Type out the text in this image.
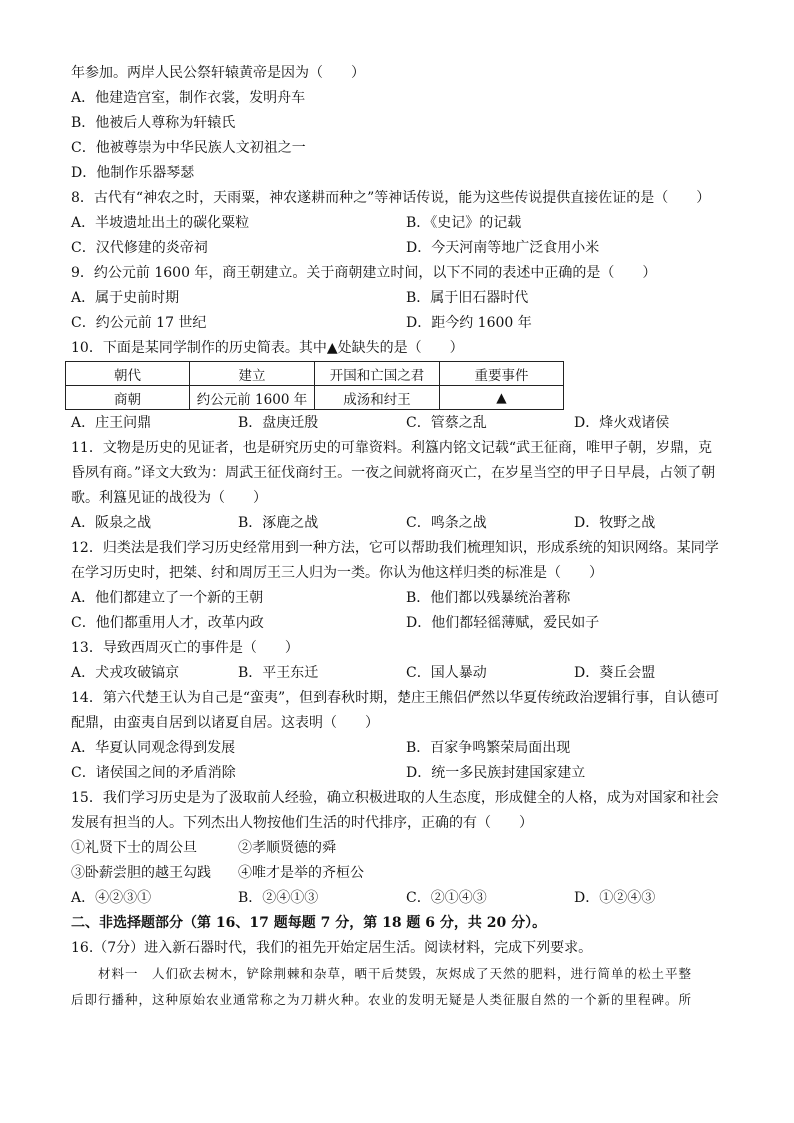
年参加。两岸人民公祭轩辕黄帝是因为（　　）
A．他建造宫室，制作衣裳，发明舟车
B．他被后人尊称为轩辕氏
C．他被尊崇为中华民族人文初祖之一
D．他制作乐器琴瑟
8．古代有“神农之时，天雨粟，神农遂耕而种之”等神话传说，能为这些传说提供直接佐证的是（　　）
A．半坡遗址出土的碳化粟粒	B．《史记》的记载
C．汉代修建的炎帝祠	D．今天河南等地广泛食用小米
9．约公元前 1600 年，商王朝建立。关于商朝建立时间，以下不同的表述中正确的是（　　）
A．属于史前时期	B．属于旧石器时代
C．约公元前 17 世纪	D．距今约 1600 年
10．下面是某同学制作的历史简表。其中▲处缺失的是（　　）
朝代	建立	开国和亡国之君	重要事件
商朝	约公元前 1600 年	成汤和纣王	▲
A．庄王问鼎	B．盘庚迁殷	C．管蔡之乱	D．烽火戏诸侯
11．文物是历史的见证者，也是研究历史的可靠资料。利簋内铭文记载“武王征商，唯甲子朝，岁鼎，克
昏夙有商。”译文大致为：周武王征伐商纣王。一夜之间就将商灭亡，在岁星当空的甲子日早晨，占领了朝
歌。利簋见证的战役为（　　）
A．阪泉之战	B．涿鹿之战	C．鸣条之战	D．牧野之战
12．归类法是我们学习历史经常用到一种方法，它可以帮助我们梳理知识，形成系统的知识网络。某同学
在学习历史时，把桀、纣和周厉王三人归为一类。你认为他这样归类的标准是（　　）
A．他们都建立了一个新的王朝	B．他们都以残暴统治著称
C．他们都重用人才，改革内政	D．他们都轻徭薄赋，爱民如子
13．导致西周灭亡的事件是（　　）
A．犬戎攻破镐京	B．平王东迁	C．国人暴动	D．葵丘会盟
14．第六代楚王认为自己是“蛮夷”，但到春秋时期，楚庄王熊侣俨然以华夏传统政治逻辑行事，自认德可
配鼎，由蛮夷自居到以诸夏自居。这表明（　　）
A．华夏认同观念得到发展	B．百家争鸣繁荣局面出现
C．诸侯国之间的矛盾消除	D．统一多民族封建国家建立
15．我们学习历史是为了汲取前人经验，确立积极进取的人生态度，形成健全的人格，成为对国家和社会
发展有担当的人。下列杰出人物按他们生活的时代排序，正确的有（　　）
①礼贤下士的周公旦	②孝顺贤德的舜
③卧薪尝胆的越王勾践 ④唯才是举的齐桓公
A．④②③①	B．②④①③	C．②①④③	D．①②④③
二、非选择题部分（第 16、17 题每题 7 分，第 18 题 6 分，共 20 分）。
16.（7分）进入新石器时代，我们的祖先开始定居生活。阅读材料，完成下列要求。
　　材料一　人们砍去树木，铲除荆棘和杂草，晒干后焚毁，灰烬成了天然的肥料，进行简单的松土平整
后即行播种，这种原始农业通常称之为刀耕火种。农业的发明无疑是人类征服自然的一个新的里程碑。所
